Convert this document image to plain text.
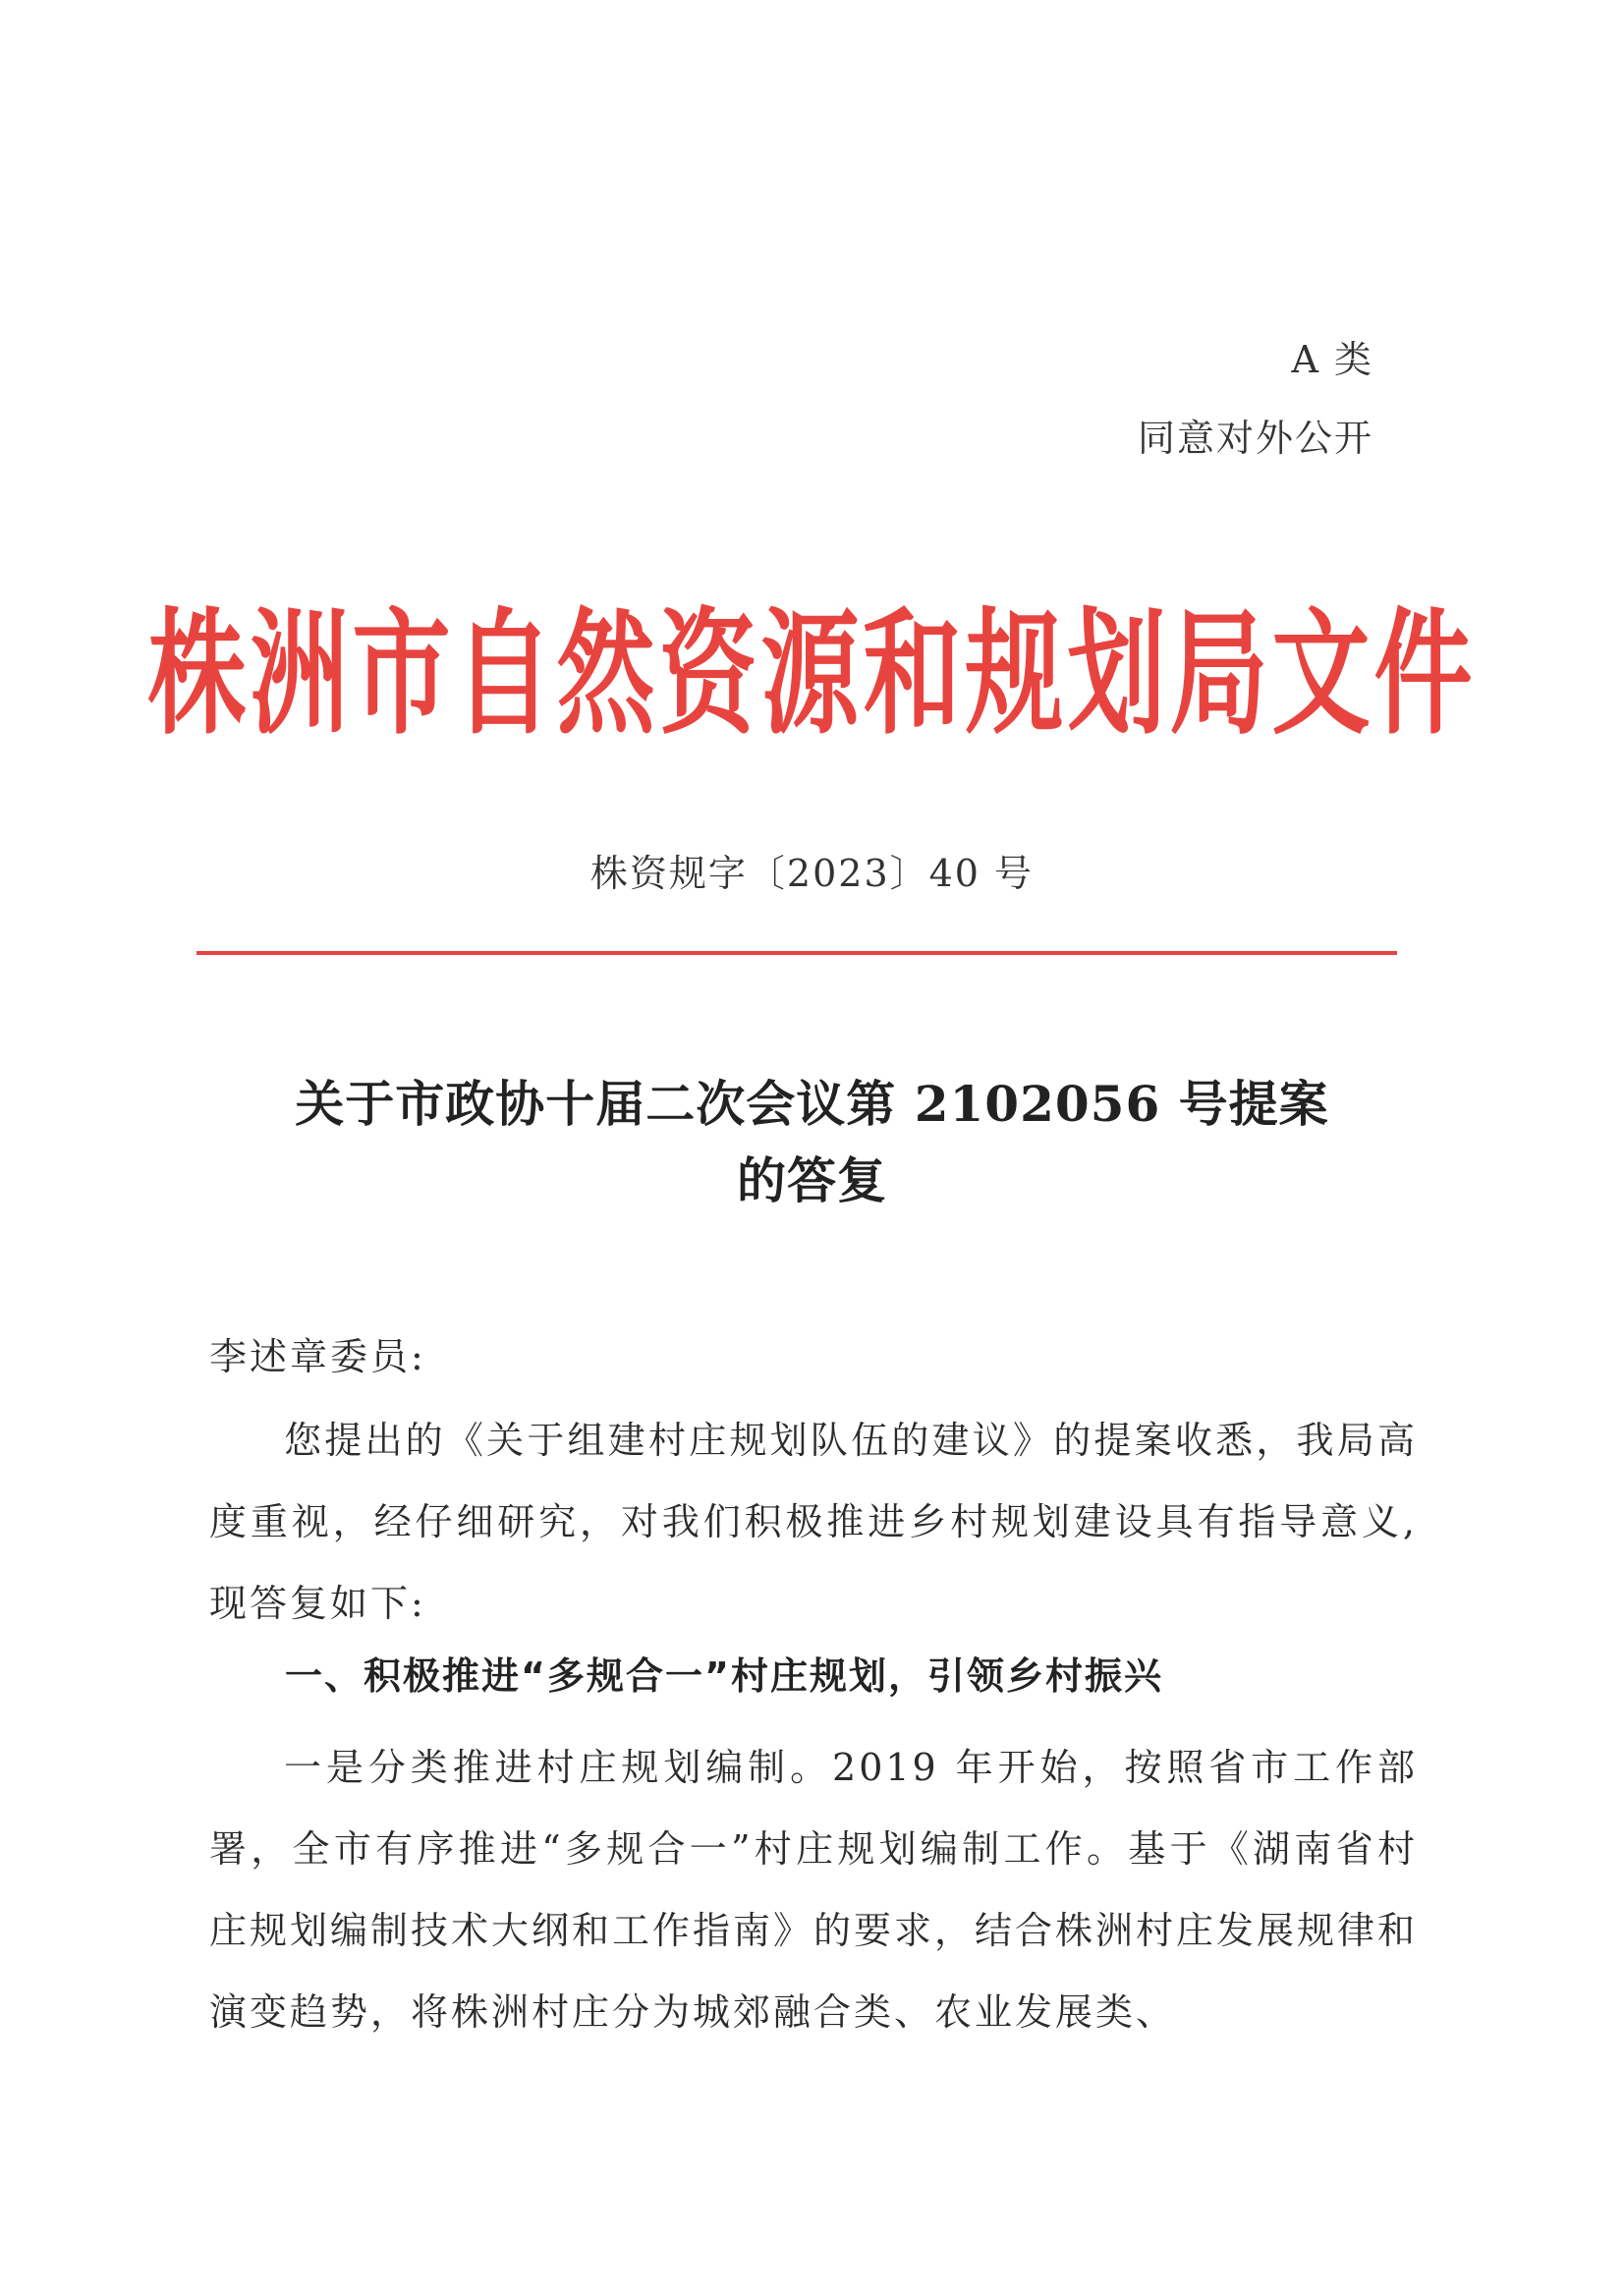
A 类
同意对外公开
株洲市自然资源和规划局文件
株资规字〔2023〕40 号
关于市政协十届二次会议第 2102056 号提案
的答复
李述章委员:
您提出的《关于组建村庄规划队伍的建议》的提案收悉，我局高度重视，经仔细研究，对我们积极推进乡村规划建设具有指导意义,现答复如下:
一、积极推进“多规合一”村庄规划，引领乡村振兴
一是分类推进村庄规划编制。2019 年开始，按照省市工作部署，全市有序推进“多规合一”村庄规划编制工作。基于《湖南省村庄规划编制技术大纲和工作指南》的要求，结合株洲村庄发展规律和演变趋势，将株洲村庄分为城郊融合类、农业发展类、
